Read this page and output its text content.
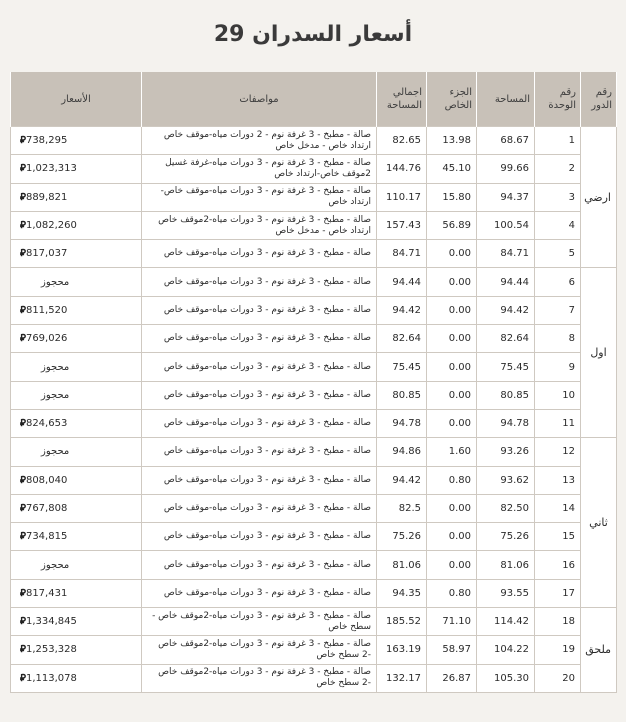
أسعار السدران 29
رقم الدور	رقم الوحدة	المساحة	الجزء الخاص	اجمالي المساحة	مواصفات	الأسعار
ارضي	1	68.67	13.98	82.65	صالة - مطبخ - 3 غرفة نوم - 2 دورات مياه-موقف خاص ارتداد خاص - مدخل خاص	⃁738,295
	2	99.66	45.10	144.76	صالة - مطبخ - 3 غرفة نوم - 3 دورات مياه-غرفة غسيل 2موقف خاص-ارتداد خاص	⃁1,023,313
	3	94.37	15.80	110.17	صالة - مطبخ - 3 غرفة نوم - 3 دورات مياه-موقف خاص-ارتداد خاص	⃁889,821
	4	100.54	56.89	157.43	صالة - مطبخ - 3 غرفة نوم - 3 دورات مياه-2موقف خاص ارتداد خاص - مدخل خاص	⃁1,082,260
	5	84.71	0.00	84.71	صالة - مطبخ - 3 غرفة نوم - 3 دورات مياه-موقف خاص	⃁817,037
اول	6	94.44	0.00	94.44	صالة - مطبخ - 3 غرفة نوم - 3 دورات مياه-موقف خاص	محجوز
	7	94.42	0.00	94.42	صالة - مطبخ - 3 غرفة نوم - 3 دورات مياه-موقف خاص	⃁811,520
	8	82.64	0.00	82.64	صالة - مطبخ - 3 غرفة نوم - 3 دورات مياه-موقف خاص	⃁769,026
	9	75.45	0.00	75.45	صالة - مطبخ - 3 غرفة نوم - 3 دورات مياه-موقف خاص	محجوز
	10	80.85	0.00	80.85	صالة - مطبخ - 3 غرفة نوم - 3 دورات مياه-موقف خاص	محجوز
	11	94.78	0.00	94.78	صالة - مطبخ - 3 غرفة نوم - 3 دورات مياه-موقف خاص	⃁824,653
ثاني	12	93.26	1.60	94.86	صالة - مطبخ - 3 غرفة نوم - 3 دورات مياه-موقف خاص	محجوز
	13	93.62	0.80	94.42	صالة - مطبخ - 3 غرفة نوم - 3 دورات مياه-موقف خاص	⃁808,040
	14	82.50	0.00	82.5	صالة - مطبخ - 3 غرفة نوم - 3 دورات مياه-موقف خاص	⃁767,808
	15	75.26	0.00	75.26	صالة - مطبخ - 3 غرفة نوم - 3 دورات مياه-موقف خاص	⃁734,815
	16	81.06	0.00	81.06	صالة - مطبخ - 3 غرفة نوم - 3 دورات مياه-موقف خاص	محجوز
	17	93.55	0.80	94.35	صالة - مطبخ - 3 غرفة نوم - 3 دورات مياه-موقف خاص	⃁817,431
ملحق	18	114.42	71.10	185.52	صالة - مطبخ - 3 غرفة نوم - 3 دورات مياه-2موقف خاص - سطح خاص	⃁1,334,845
	19	104.22	58.97	163.19	صالة - مطبخ - 3 غرفة نوم - 3 دورات مياه-2موقف خاص -2 سطح خاص	⃁1,253,328
	20	105.30	26.87	132.17	صالة - مطبخ - 3 غرفة نوم - 3 دورات مياه-2موقف خاص -2 سطح خاص	⃁1,113,078
